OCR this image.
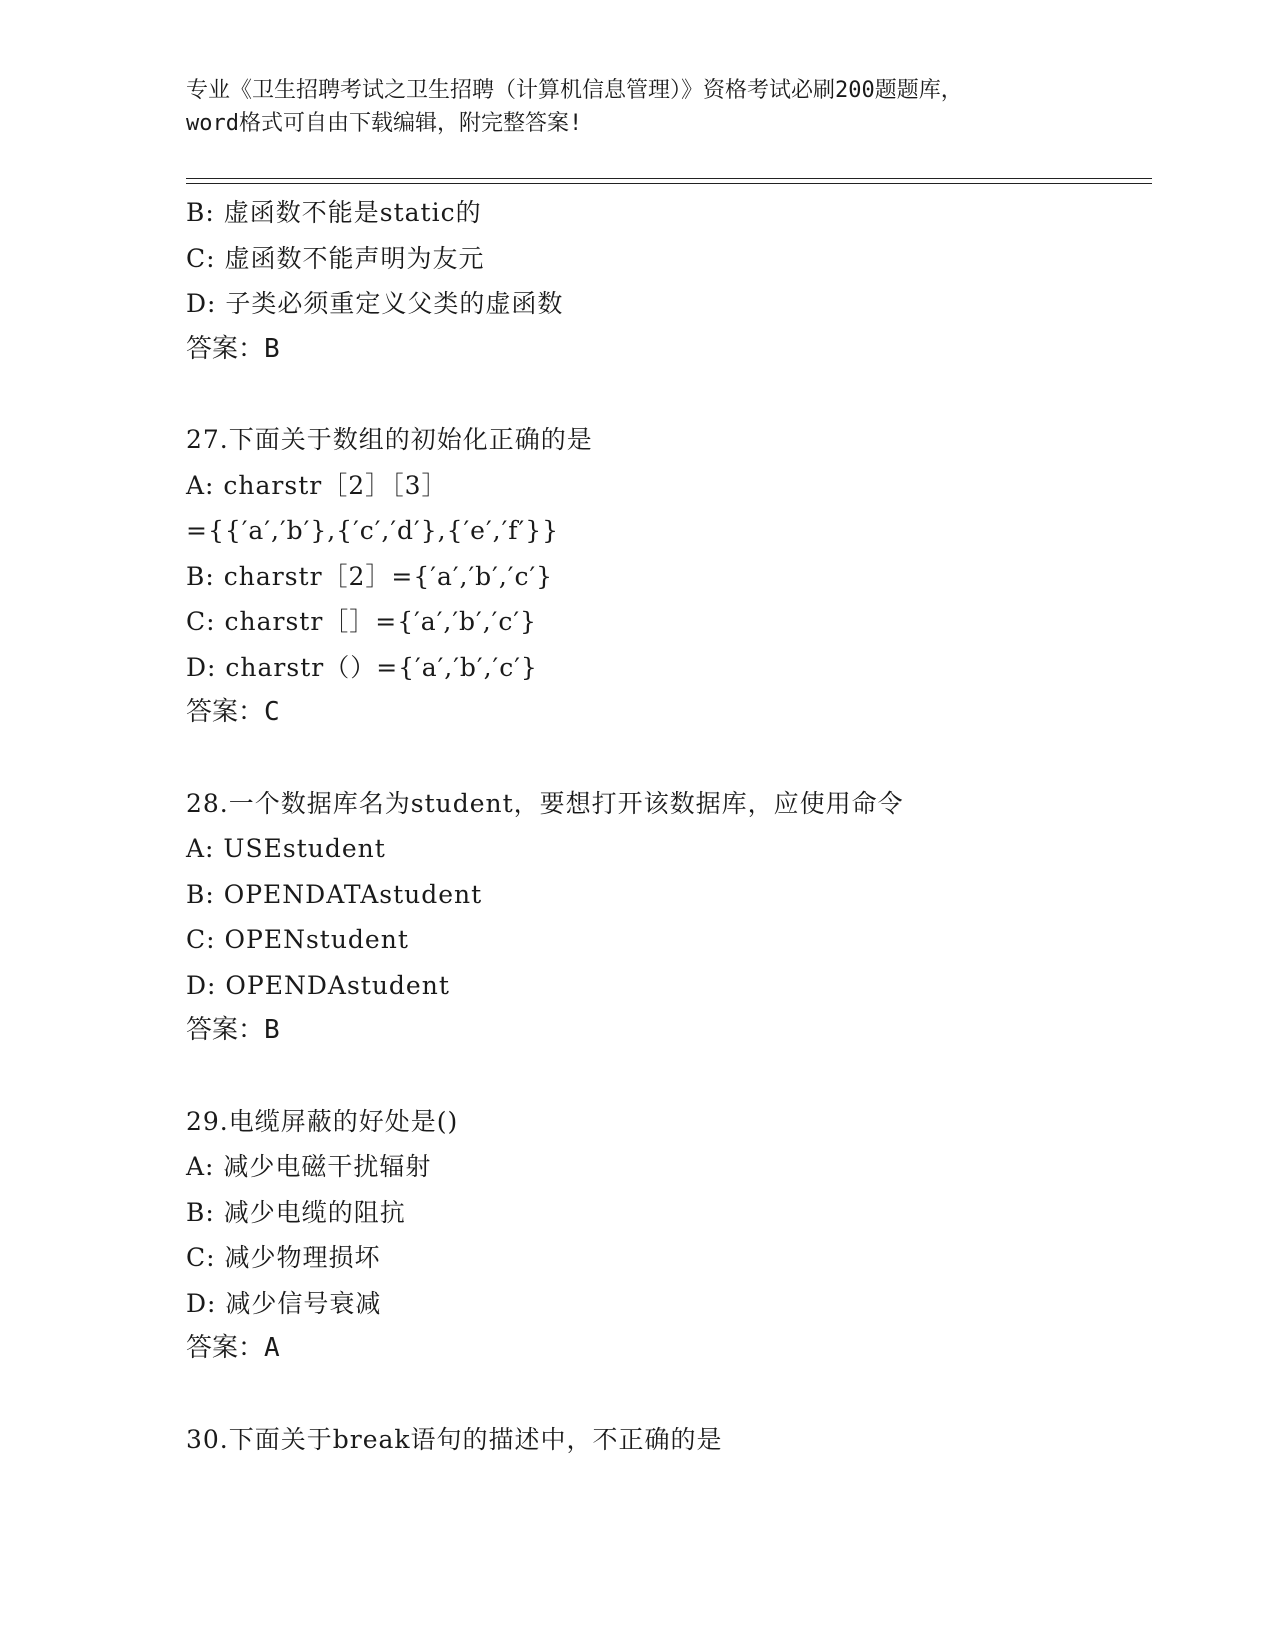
专业《卫生招聘考试之卫生招聘（计算机信息管理）》资格考试必刷200题题库，
word格式可自由下载编辑，附完整答案!
B: 虚函数不能是static的
C: 虚函数不能声明为友元
D: 子类必须重定义父类的虚函数
答案：B
27.下面关于数组的初始化正确的是
A: charstr［2］［3］
={{′a′,′b′},{′c′,′d′},{′e′,′f′}}
B: charstr［2］={′a′,′b′,′c′}
C: charstr［］={′a′,′b′,′c′}
D: charstr（）={′a′,′b′,′c′}
答案：C
28.一个数据库名为student，要想打开该数据库，应使用命令
A: USEstudent
B: OPENDATAstudent
C: OPENstudent
D: OPENDAstudent
答案：B
29.电缆屏蔽的好处是()
A: 减少电磁干扰辐射
B: 减少电缆的阻抗
C: 减少物理损坏
D: 减少信号衰减
答案：A
30.下面关于break语句的描述中，不正确的是
